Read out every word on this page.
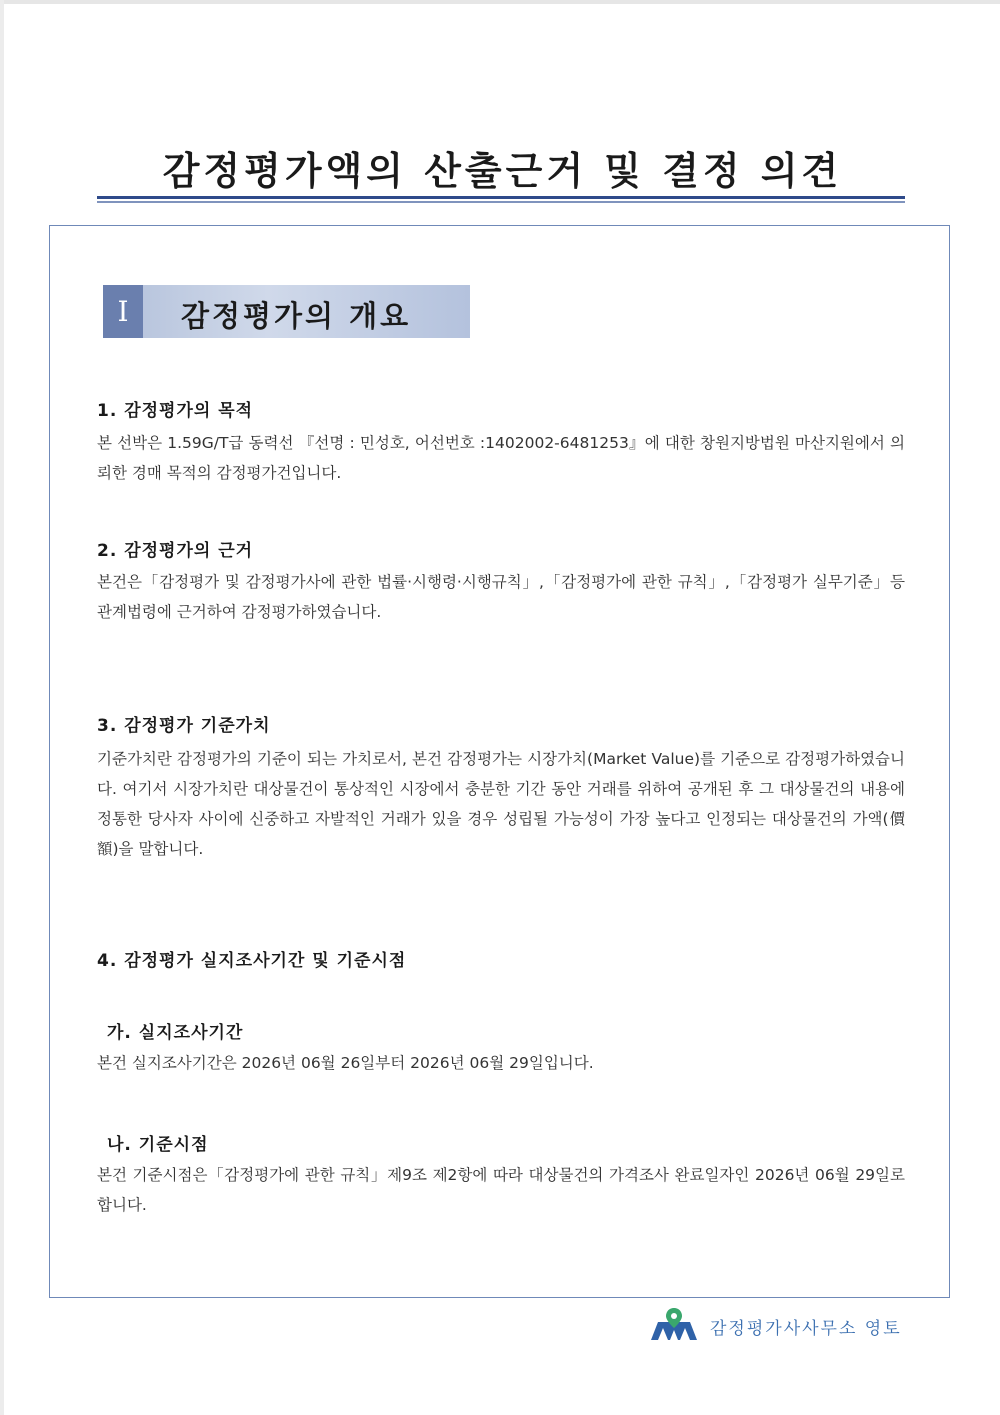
감정평가액의 산출근거 및 결정 의견
I	감정평가의 개요
1. 감정평가의 목적

본 선박은 1.59G/T급 동력선 『선명 : 민성호, 어선번호 :1402002-6481253』에 대한 창원지방법원 마산지원에서 의뢰한 경매 목적의 감정평가건입니다.

2. 감정평가의 근거

본건은「감정평가 및 감정평가사에 관한 법률·시행령·시행규칙」,「감정평가에 관한 규칙」,「감정평가 실무기준」등 관계법령에 근거하여 감정평가하였습니다.

3. 감정평가 기준가치

기준가치란 감정평가의 기준이 되는 가치로서, 본건 감정평가는 시장가치(Market Value)를 기준으로 감정평가하였습니다. 여기서 시장가치란 대상물건이 통상적인 시장에서 충분한 기간 동안 거래를 위하여 공개된 후 그 대상물건의 내용에 정통한 당사자 사이에 신중하고 자발적인 거래가 있을 경우 성립될 가능성이 가장 높다고 인정되는 대상물건의 가액(價額)을 말합니다.

4. 감정평가 실지조사기간 및 기준시점
가. 실지조사기간

본건 실지조사기간은 2026년 06월 26일부터 2026년 06월 29일입니다.

나. 기준시점

본건 기준시점은「감정평가에 관한 규칙」제9조 제2항에 따라 대상물건의 가격조사 완료일자인 2026년 06월 29일로 합니다.

감정평가사사무소 영토
